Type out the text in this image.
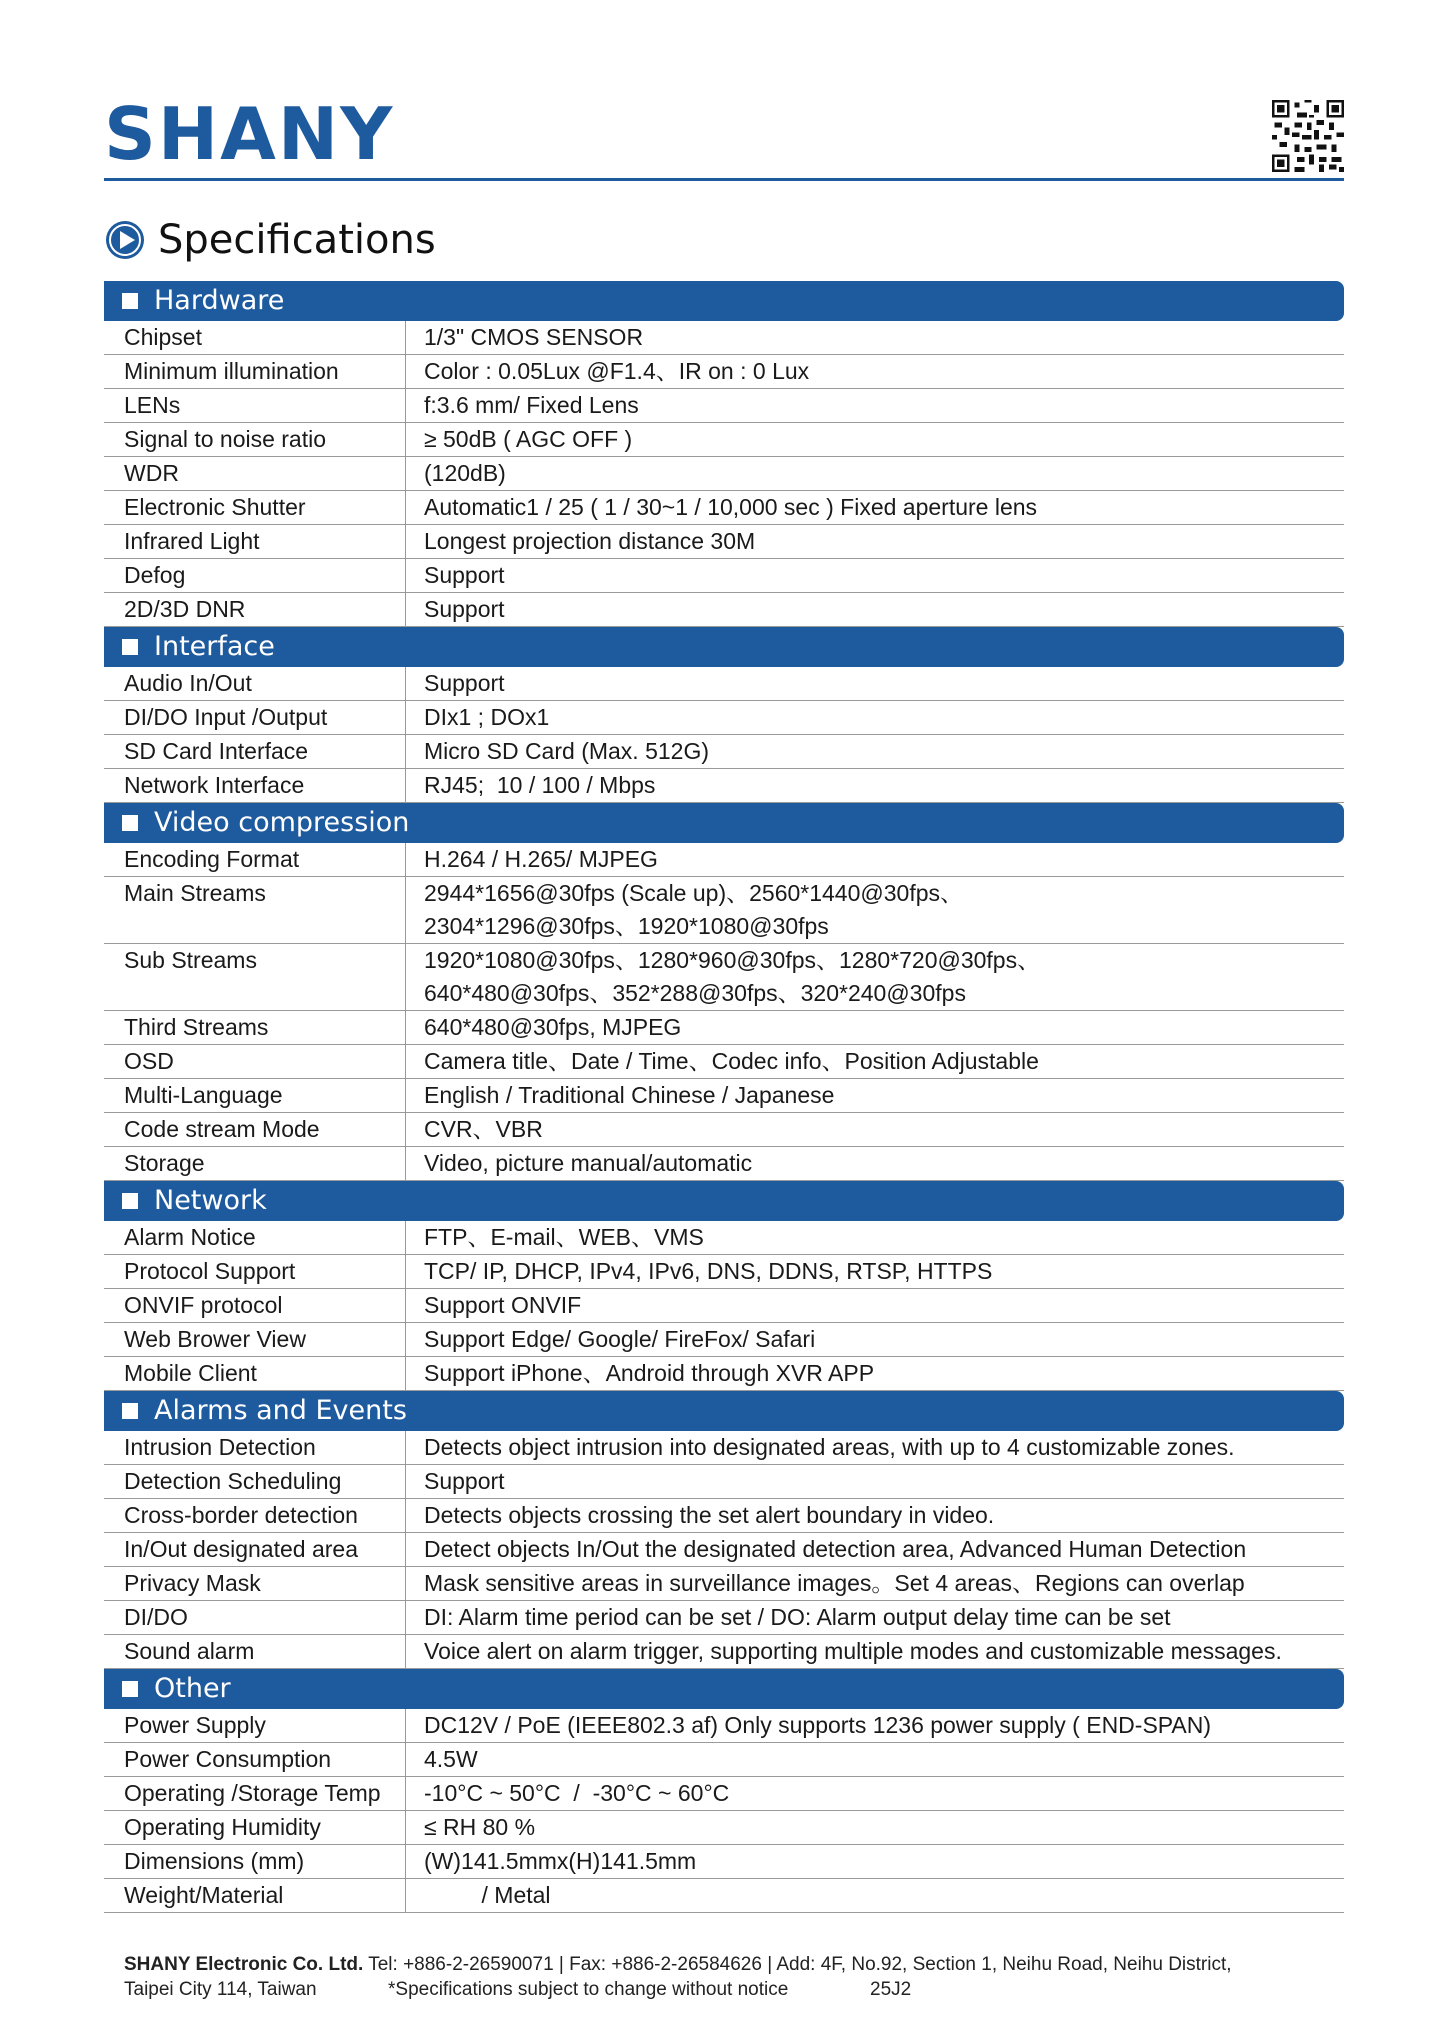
SHANY
Specifications
Hardware
Chipset	1/3" CMOS SENSOR
Minimum illumination	Color : 0.05Lux @F1.4、IR on : 0 Lux
LENs	f:3.6 mm/ Fixed Lens
Signal to noise ratio	≥ 50dB ( AGC OFF )
WDR	(120dB)
Electronic Shutter	Automatic1 / 25 ( 1 / 30~1 / 10,000 sec ) Fixed aperture lens
Infrared Light	Longest projection distance 30M
Defog	Support
2D/3D DNR	Support
Interface
Audio In/Out	Support
DI/DO Input /Output	DIx1 ; DOx1
SD Card Interface	Micro SD Card (Max. 512G)
Network Interface	RJ45;  10 / 100 / Mbps
Video compression
Encoding Format	H.264 / H.265/ MJPEG
Main Streams	2944*1656@30fps (Scale up)、2560*1440@30fps、
2304*1296@30fps、1920*1080@30fps
Sub Streams	1920*1080@30fps、1280*960@30fps、1280*720@30fps、
640*480@30fps、352*288@30fps、320*240@30fps
Third Streams	640*480@30fps, MJPEG
OSD	Camera title、Date / Time、Codec info、Position Adjustable
Multi-Language	English / Traditional Chinese / Japanese
Code stream Mode	CVR、VBR
Storage	Video, picture manual/automatic
Network
Alarm Notice	FTP、E-mail、WEB、VMS
Protocol Support	TCP/ IP, DHCP, IPv4, IPv6, DNS, DDNS, RTSP, HTTPS
ONVIF protocol	Support ONVIF
Web Brower View	Support Edge/ Google/ FireFox/ Safari
Mobile Client	Support iPhone、Android through XVR APP
Alarms and Events
Intrusion Detection	Detects object intrusion into designated areas, with up to 4 customizable zones.
Detection Scheduling	Support
Cross-border detection	Detects objects crossing the set alert boundary in video.
In/Out designated area	Detect objects In/Out the designated detection area, Advanced Human Detection
Privacy Mask	Mask sensitive areas in surveillance images。Set 4 areas、Regions can overlap
DI/DO	DI: Alarm time period can be set / DO: Alarm output delay time can be set
Sound alarm	Voice alert on alarm trigger, supporting multiple modes and customizable messages.
Other
Power Supply	DC12V / PoE (IEEE802.3 af) Only supports 1236 power supply ( END-SPAN)
Power Consumption	4.5W
Operating /Storage Temp	-10°C ~ 50°C  /  -30°C ~ 60°C
Operating Humidity	≤ RH 80 %
Dimensions (mm)	(W)141.5mmx(H)141.5mm
Weight/Material	/ Metal
SHANY Electronic Co. Ltd. Tel: +886-2-26590071 | Fax: +886-2-26584626 | Add: 4F, No.92, Section 1, Neihu Road, Neihu District,
Taipei City 114, Taiwan	*Specifications subject to change without notice	25J2
